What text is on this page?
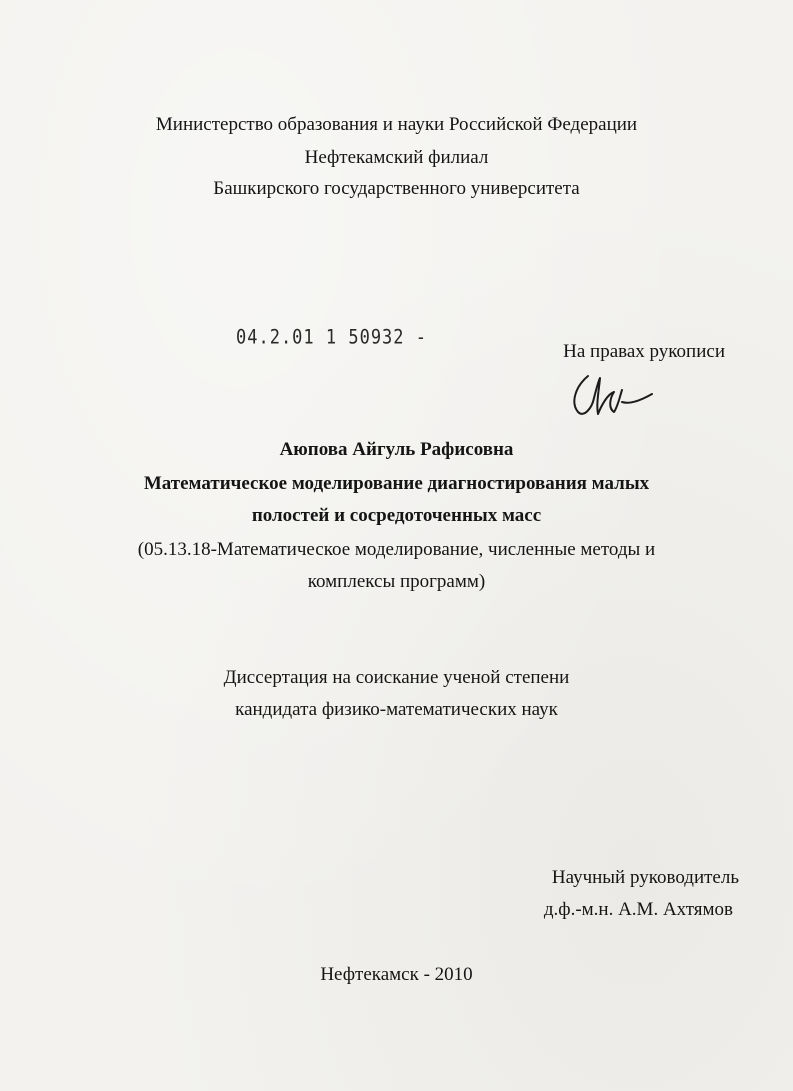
Министерство образования и науки Российской Федерации
Нефтекамский филиал
Башкирского государственного университета
04.2.01 1 50932 -
На правах рукописи
Аюпова Айгуль Рафисовна
Математическое моделирование диагностирования малых
полостей и сосредоточенных масс
(05.13.18-Математическое моделирование, численные методы и
комплексы программ)
Диссертация на соискание ученой степени
кандидата физико-математических наук
Научный руководитель
д.ф.-м.н. А.М. Ахтямов
Нефтекамск - 2010
